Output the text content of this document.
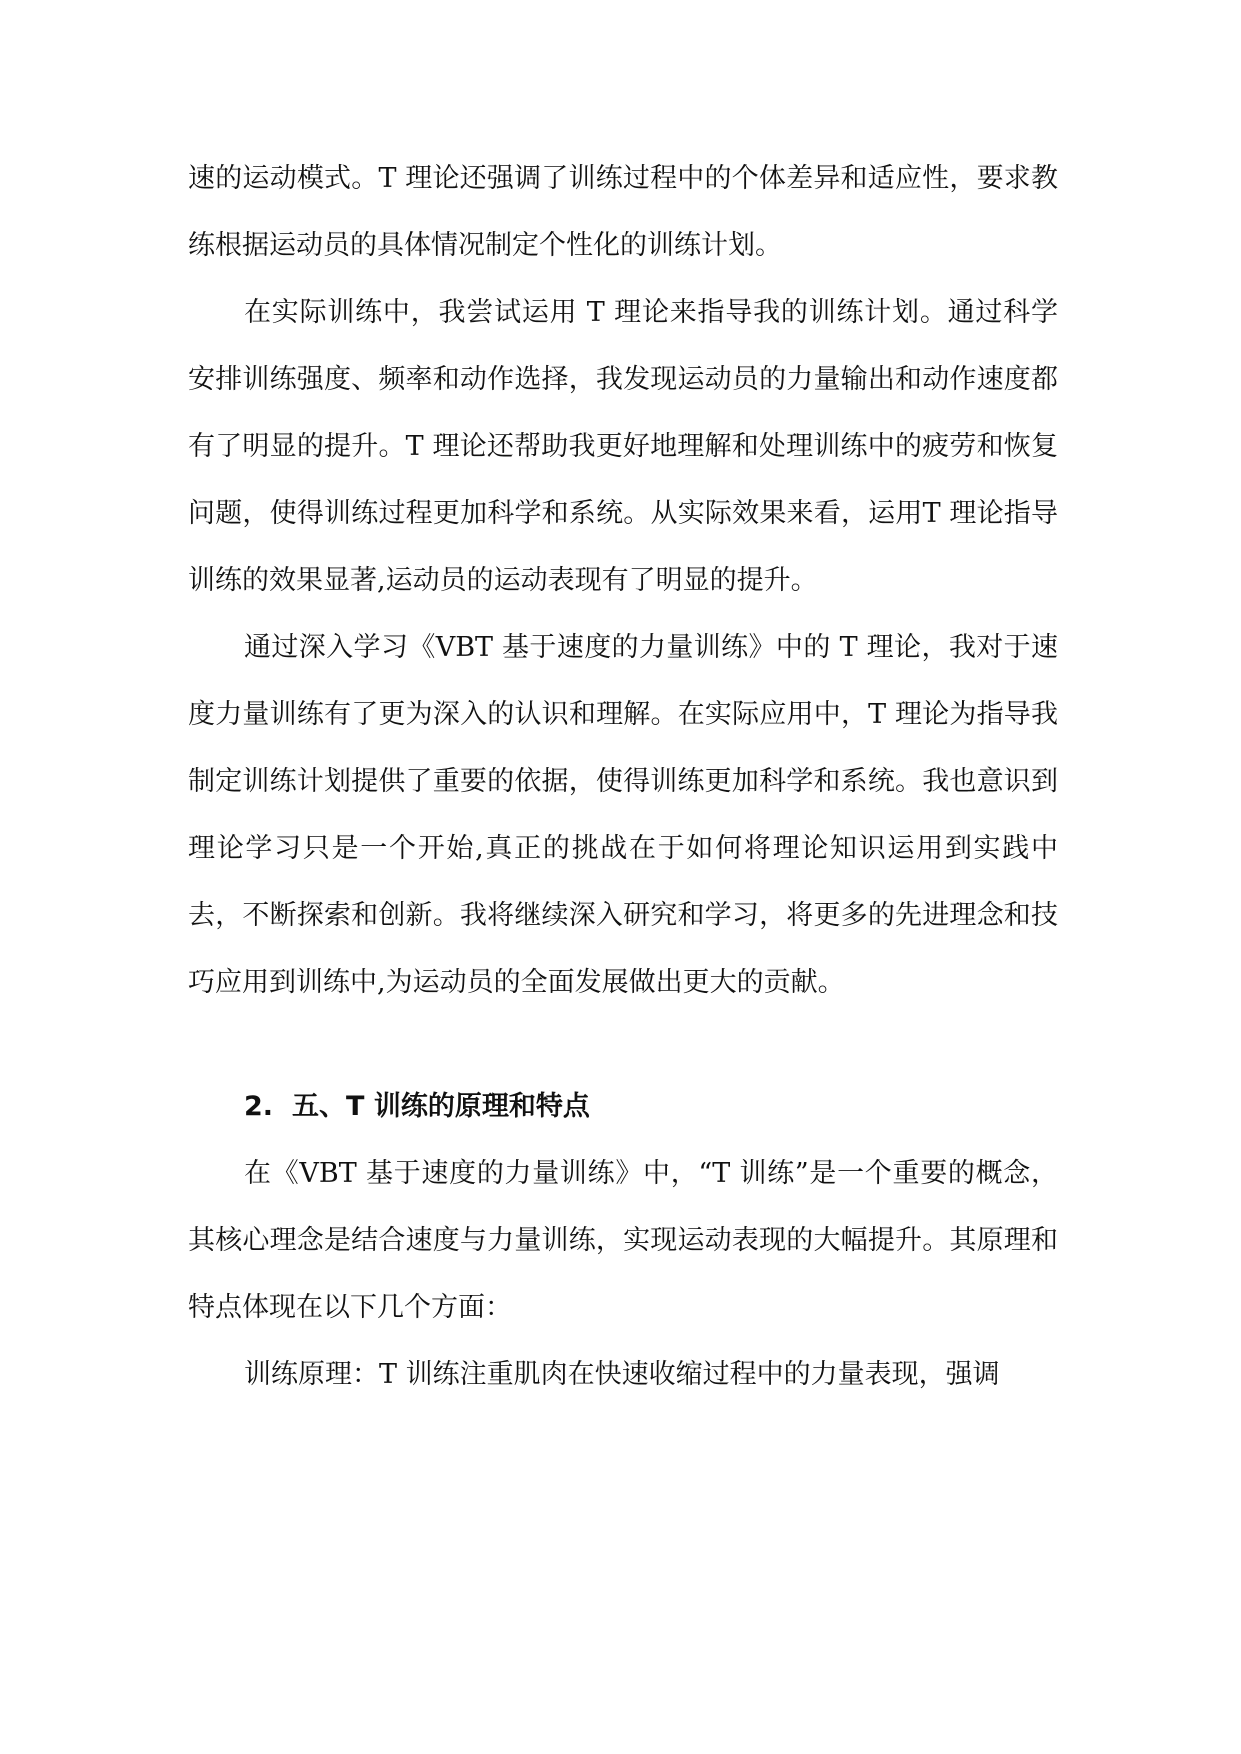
速的运动模式。T 理论还强调了训练过程中的个体差异和适应性，要求教练根据运动员的具体情况制定个性化的训练计划。

在实际训练中，我尝试运用 T 理论来指导我的训练计划。通过科学安排训练强度、频率和动作选择，我发现运动员的力量输出和动作速度都有了明显的提升。T 理论还帮助我更好地理解和处理训练中的疲劳和恢复问题，使得训练过程更加科学和系统。从实际效果来看，运用T 理论指导训练的效果显著,运动员的运动表现有了明显的提升。

通过深入学习《VBT 基于速度的力量训练》中的 T 理论，我对于速度力量训练有了更为深入的认识和理解。在实际应用中，T 理论为指导我制定训练计划提供了重要的依据，使得训练更加科学和系统。我也意识到理论学习只是一个开始,真正的挑战在于如何将理论知识运用到实践中去，不断探索和创新。我将继续深入研究和学习，将更多的先进理念和技巧应用到训练中,为运动员的全面发展做出更大的贡献。

2. 五、T 训练的原理和特点

在《VBT 基于速度的力量训练》中，“T 训练”是一个重要的概念，其核心理念是结合速度与力量训练，实现运动表现的大幅提升。其原理和特点体现在以下几个方面：

训练原理：T 训练注重肌肉在快速收缩过程中的力量表现，强调
